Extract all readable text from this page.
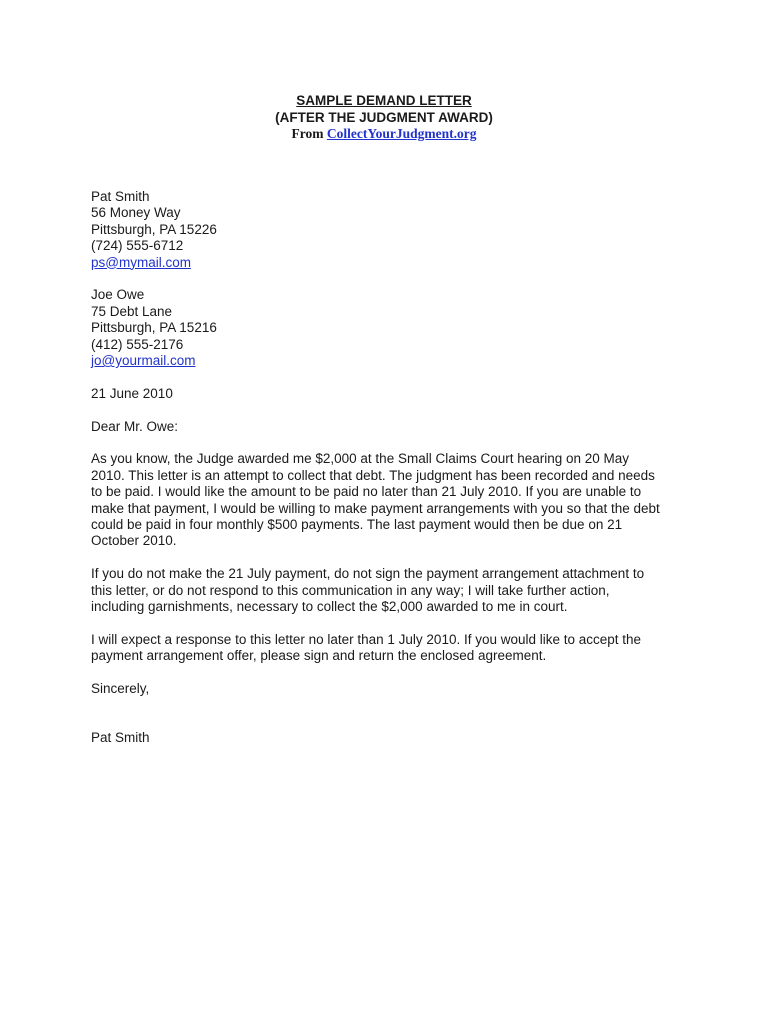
SAMPLE DEMAND LETTER
(AFTER THE JUDGMENT AWARD)
From CollectYourJudgment.org
Pat Smith
56 Money Way
Pittsburgh, PA 15226
(724) 555-6712
ps@mymail.com
Joe Owe
75 Debt Lane
Pittsburgh, PA 15216
(412) 555-2176
jo@yourmail.com
21 June 2010
Dear Mr. Owe:
As you know, the Judge awarded me $2,000 at the Small Claims Court hearing on 20 May
2010. This letter is an attempt to collect that debt. The judgment has been recorded and needs
to be paid. I would like the amount to be paid no later than 21 July 2010. If you are unable to
make that payment, I would be willing to make payment arrangements with you so that the debt
could be paid in four monthly $500 payments. The last payment would then be due on 21
October 2010.
If you do not make the 21 July payment, do not sign the payment arrangement attachment to
this letter, or do not respond to this communication in any way; I will take further action,
including garnishments, necessary to collect the $2,000 awarded to me in court.
I will expect a response to this letter no later than 1 July 2010. If you would like to accept the
payment arrangement offer, please sign and return the enclosed agreement.
Sincerely,
Pat Smith
